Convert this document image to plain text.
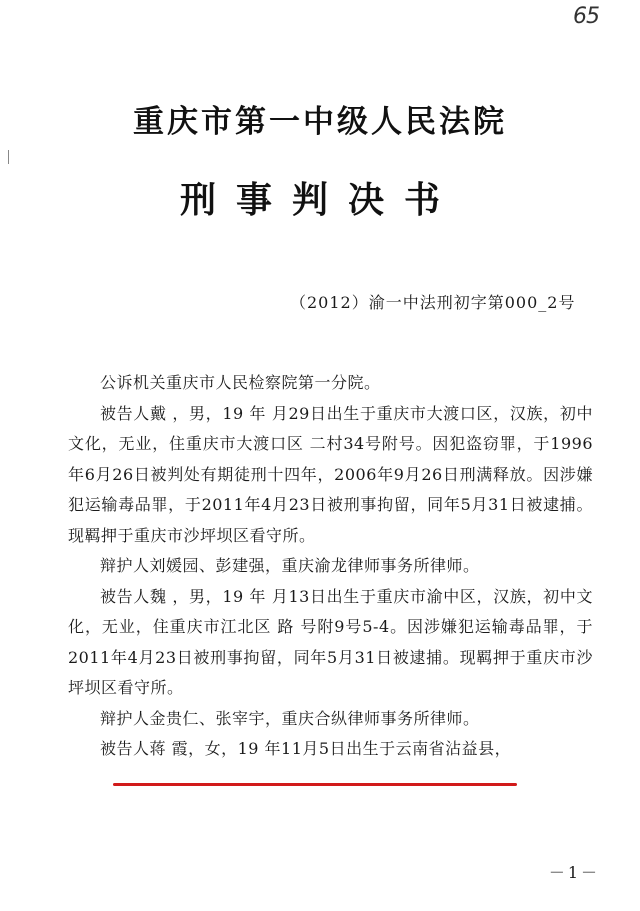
65
重庆市第一中级人民法院
刑事判决书
（2012）渝一中法刑初字第000_2号

公诉机关重庆市人民检察院第一分院。

被告人戴 ，男，19 年 月29日出生于重庆市大渡口区，汉族，初中文化，无业，住重庆市大渡口区 二村34号附号。因犯盗窃罪，于1996年6月26日被判处有期徒刑十四年，2006年9月26日刑满释放。因涉嫌犯运输毒品罪，于2011年4月23日被刑事拘留，同年5月31日被逮捕。现羁押于重庆市沙坪坝区看守所。

辩护人刘媛园、彭建强，重庆渝龙律师事务所律师。

被告人魏 ，男，19 年 月13日出生于重庆市渝中区，汉族，初中文化，无业，住重庆市江北区 路 号附9号5-4。因涉嫌犯运输毒品罪，于2011年4月23日被刑事拘留，同年5月31日被逮捕。现羁押于重庆市沙坪坝区看守所。

辩护人金贵仁、张宰宇，重庆合纵律师事务所律师。

被告人蒋 霞，女，19 年11月5日出生于云南省沾益县，

－1－
